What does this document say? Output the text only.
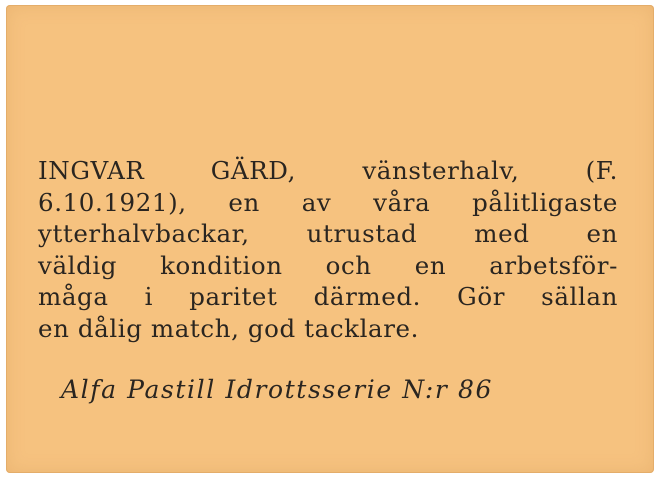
INGVAR	GÄRD,	vänsterhalv,	(F.
6.10.1921), en av våra pålitligaste
ytterhalvbackar, utrustad med en
väldig kondition och en arbetsför-
måga i paritet därmed. Gör sällan
en dålig match, god tacklare.
Alfa Pastill Idrottsserie N:r 86
